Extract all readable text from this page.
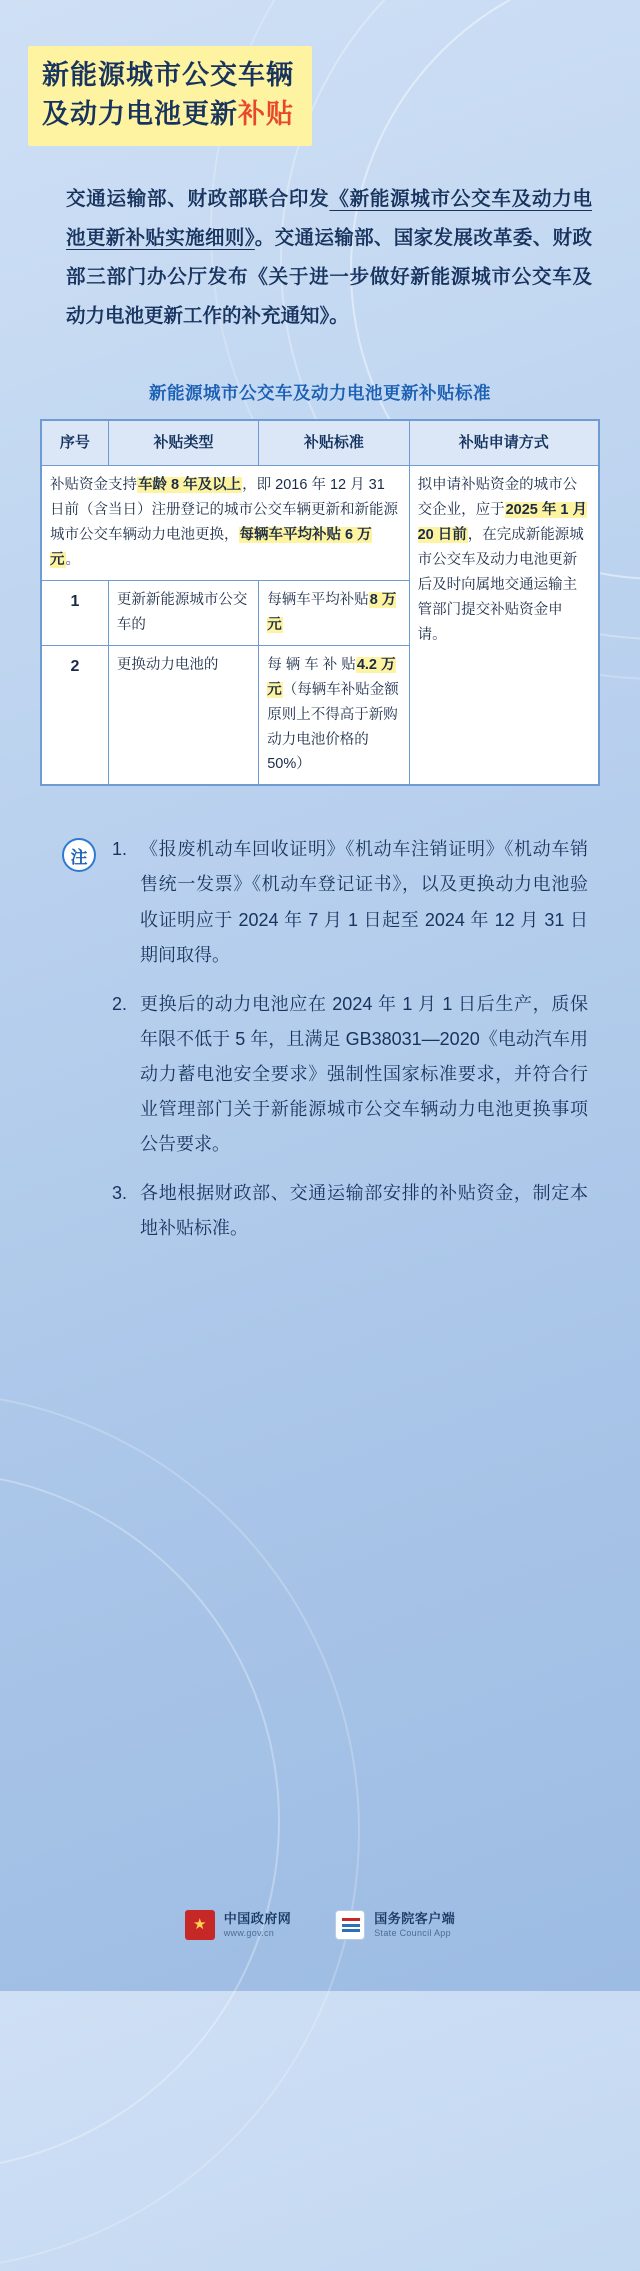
新能源城市公交车辆
及动力电池更新补贴

交通运输部、财政部联合印发《新能源城市公交车及动力电池更新补贴实施细则》。交通运输部、国家发展改革委、财政部三部门办公厅发布《关于进一步做好新能源城市公交车及动力电池更新工作的补充通知》。

新能源城市公交车及动力电池更新补贴标准
序号	补贴类型	补贴标准	补贴申请方式
补贴资金支持车龄 8 年及以上，即 2016 年 12 月 31 日前（含当日）注册登记的城市公交车辆更新和新能源城市公交车辆动力电池更换，每辆车平均补贴 6 万元。			拟申请补贴资金的城市公交企业，应于2025 年 1 月 20 日前，在完成新能源城市公交车及动力电池更新后及时向属地交通运输主管部门提交补贴资金申请。
1	更新新能源城市公交车的	每辆车平均补贴8 万元	
2	更换动力电池的	每 辆 车 补 贴4.2 万元（每辆车补贴金额原则上不得高于新购动力电池价格的 50%）	
注	《报废机动车回收证明》《机动车注销证明》《机动车销售统一发票》《机动车登记证书》，以及更换动力电池验收证明应于 2024 年 7 月 1 日起至 2024 年 12 月 31 日期间取得。
更换后的动力电池应在 2024 年 1 月 1 日后生产，质保年限不低于 5 年，且满足 GB38031—2020《电动汽车用动力蓄电池安全要求》强制性国家标准要求，并符合行业管理部门关于新能源城市公交车辆动力电池更换事项公告要求。
各地根据财政部、交通运输部安排的补贴资金，制定本地补贴标准。
★
中国政府网
www.gov.cn
国务院客户端
State Council App
